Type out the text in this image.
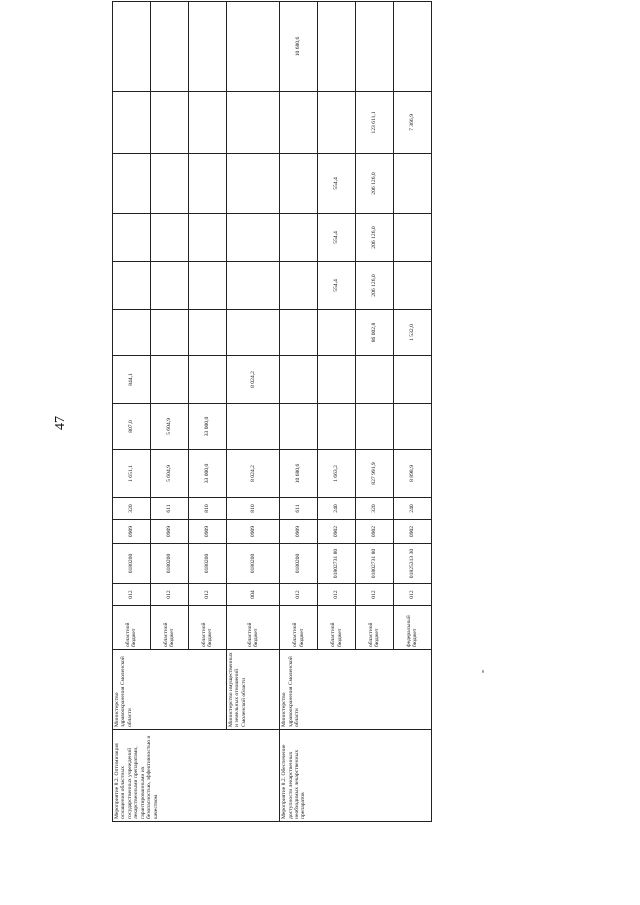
47
Мероприятие 8.2. Оптимизация оснащения областных государственных учреждений лекарственными препаратами, гарантированными их безопасностью, эффективностью и качеством	Министерство здравоохранения Смоленской области	областной бюджет	012	0180200	0909	320	1 651,1	807,0	844,1						
		областной бюджет	012	0180200	0909	611	5 604,9	5 604,9							
		областной бюджет	012	0180200	0909	810	33 000,0	33 000,0							
	Министерство имущественных и земельных отношений Смоленской области	областной бюджет	004	0180200	0909	810	8 024,2		8 024,2						
Мероприятие 8.2. Обеспечение доступности лекарственных необходимых лекарственных препаратов	Министерство здравоохранения Смоленской области	областной бюджет	012	0180200	0909	611	10 680,6								10 680,6
		областной бюджет	012	01802731 80	0902	240	1 663,2				554,4	554,4	554,4		
		областной бюджет	012	01802731 80	0902	320	827 991,9			86 002,8	206 126,0	206 126,0	206 126,0	123 611,1	
		федеральный бюджет	012	01825313 30	0902	240	8 898,9			1 532,0				7 366,9	
